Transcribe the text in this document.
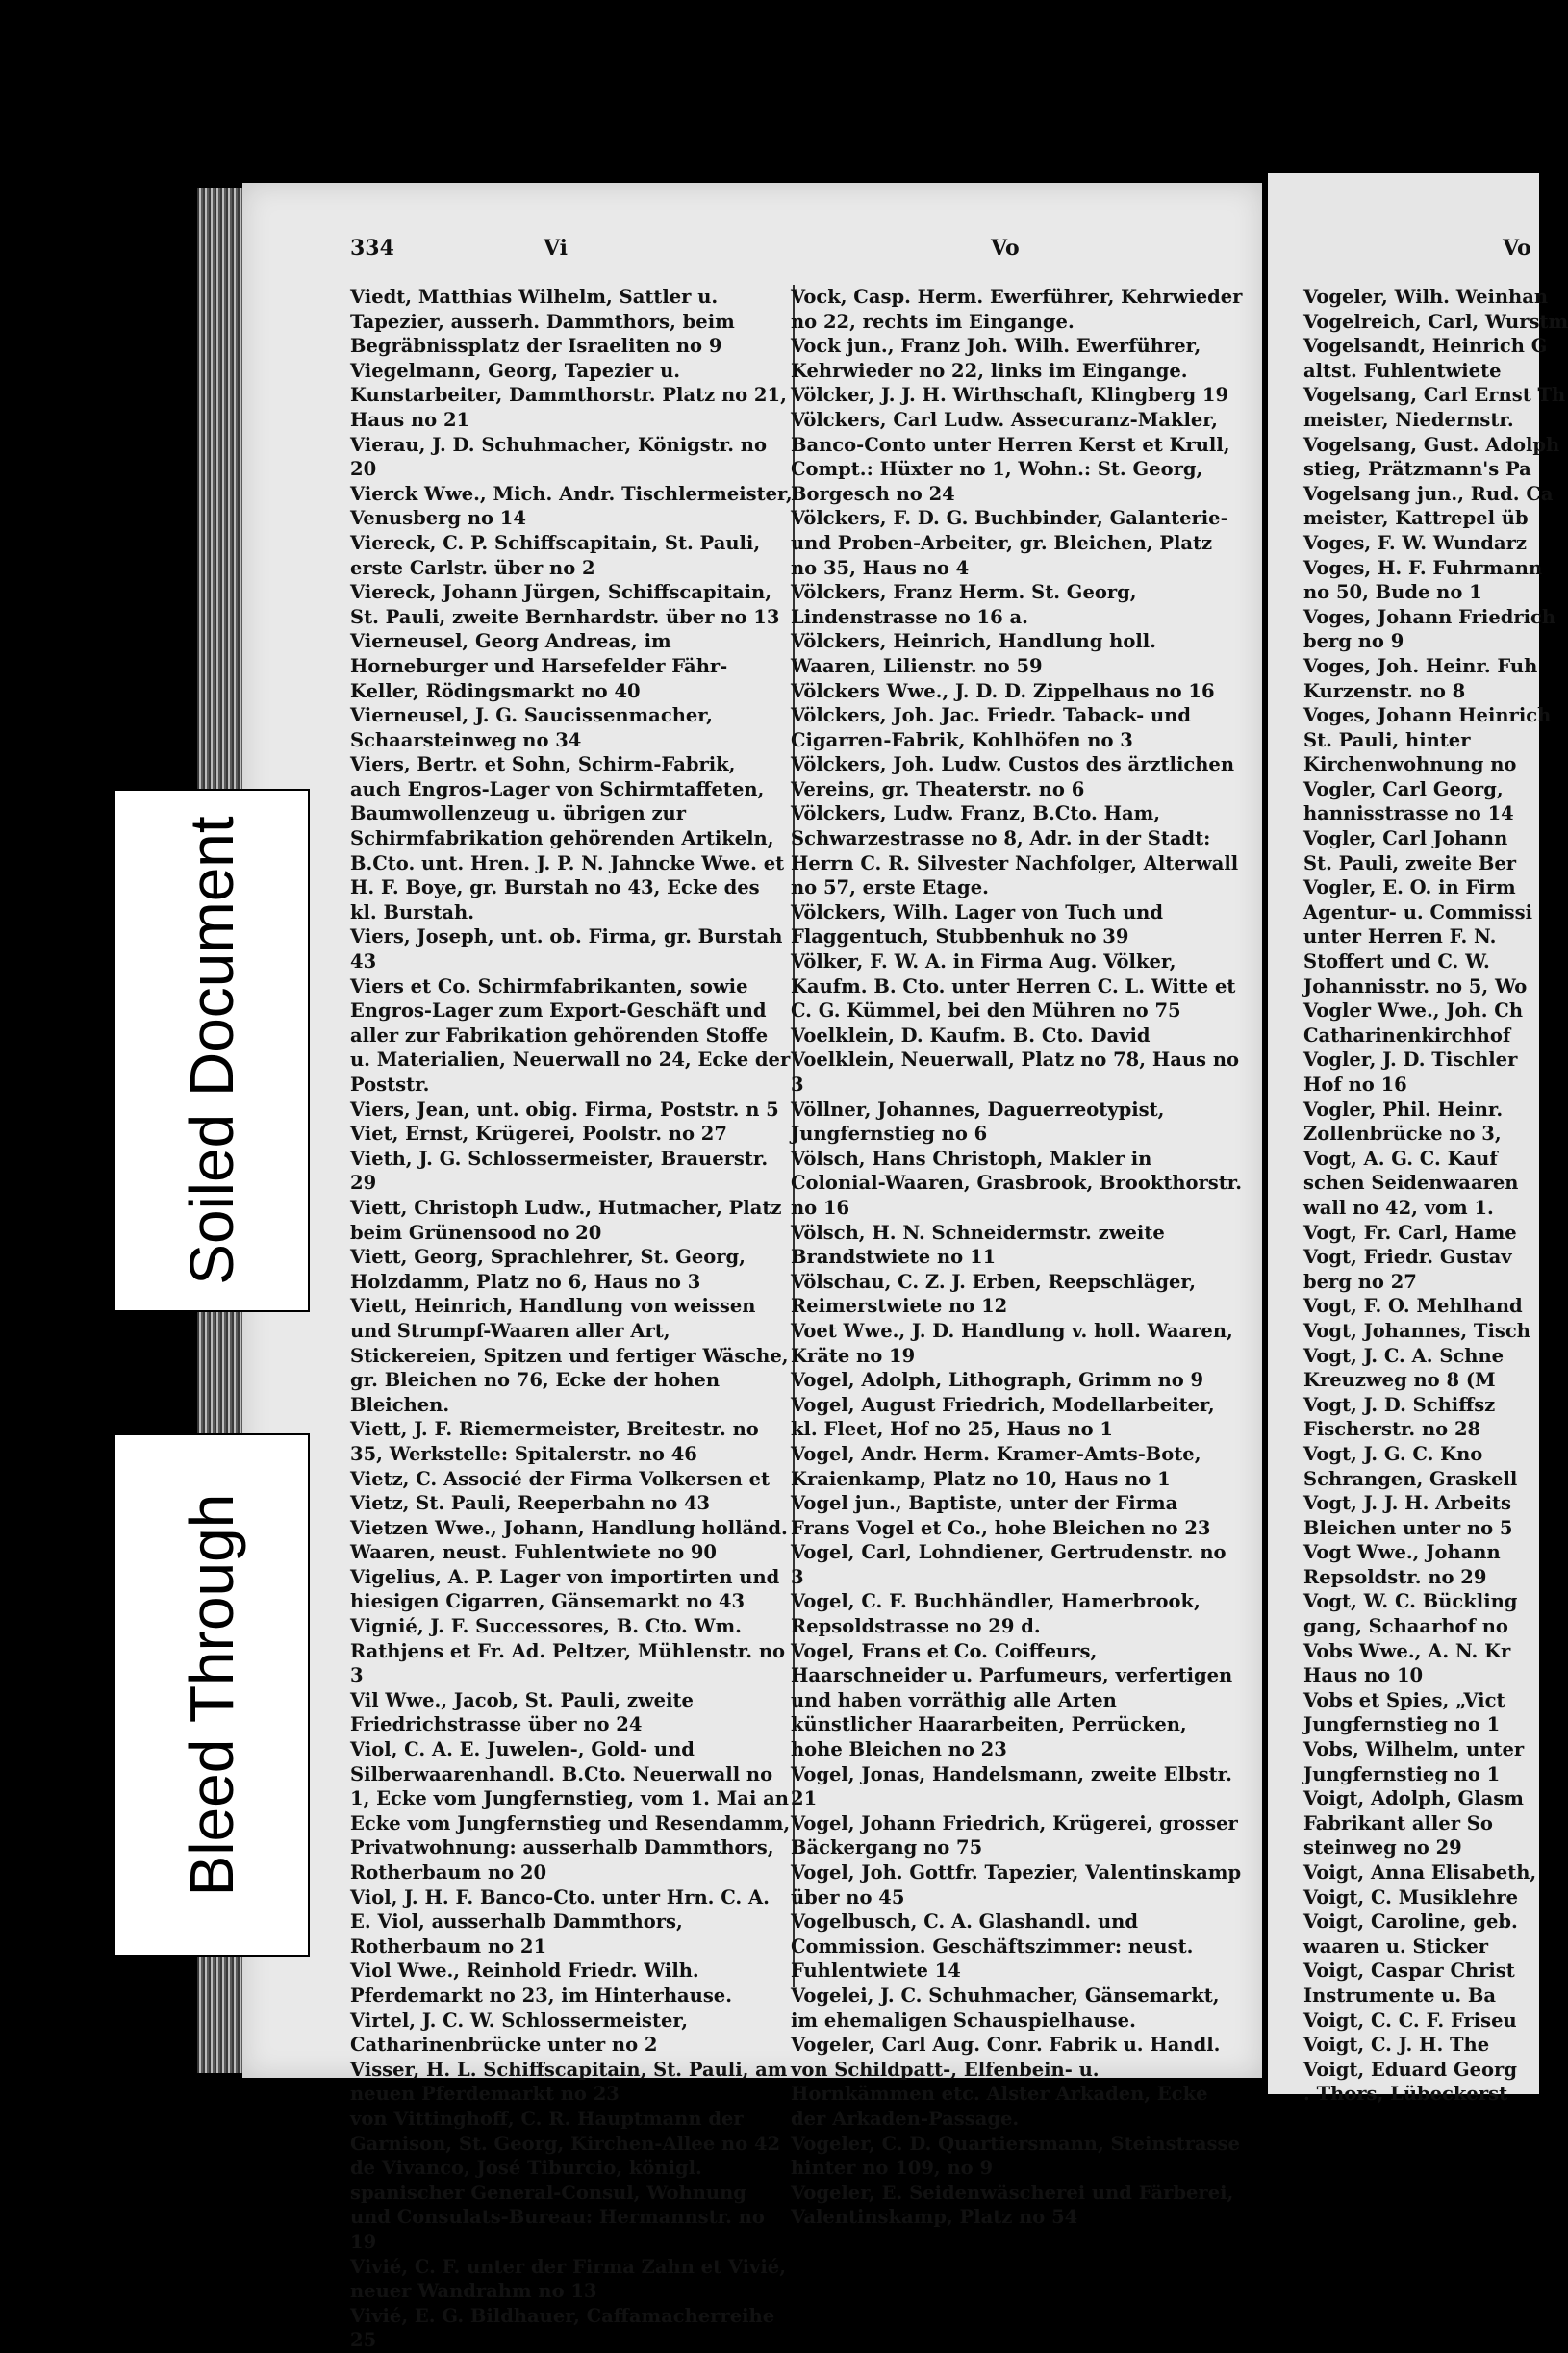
334	Vi	Vo	Vo

Viedt, Matthias Wilhelm, Sattler u. Tapezier, ausserh. Dammthors, beim Begräbnissplatz der Israeliten no 9

Viegelmann, Georg, Tapezier u. Kunstarbeiter, Dammthorstr. Platz no 21, Haus no 21

Vierau, J. D. Schuhmacher, Königstr. no 20

Vierck Wwe., Mich. Andr. Tischlermeister, Venusberg no 14

Viereck, C. P. Schiffscapitain, St. Pauli, erste Carlstr. über no 2

Viereck, Johann Jürgen, Schiffscapitain, St. Pauli, zweite Bernhardstr. über no 13

Vierneusel, Georg Andreas, im Horneburger und Harsefelder Fähr-Keller, Rödingsmarkt no 40

Vierneusel, J. G. Saucissenmacher, Schaarsteinweg no 34

Viers, Bertr. et Sohn, Schirm-Fabrik, auch Engros-Lager von Schirmtaffeten, Baumwollenzeug u. übrigen zur Schirmfabrikation gehörenden Artikeln, B.Cto. unt. Hren. J. P. N. Jahncke Wwe. et H. F. Boye, gr. Burstah no 43, Ecke des kl. Burstah.

Viers, Joseph, unt. ob. Firma, gr. Burstah 43

Viers et Co. Schirmfabrikanten, sowie Engros-Lager zum Export-Geschäft und aller zur Fabrikation gehörenden Stoffe u. Materialien, Neuerwall no 24, Ecke der Poststr.

Viers, Jean, unt. obig. Firma, Poststr. n 5

Viet, Ernst, Krügerei, Poolstr. no 27

Vieth, J. G. Schlossermeister, Brauerstr. 29

Viett, Christoph Ludw., Hutmacher, Platz beim Grünensood no 20

Viett, Georg, Sprachlehrer, St. Georg, Holzdamm, Platz no 6, Haus no 3

Viett, Heinrich, Handlung von weissen und Strumpf-Waaren aller Art, Stickereien, Spitzen und fertiger Wäsche, gr. Bleichen no 76, Ecke der hohen Bleichen.

Viett, J. F. Riemermeister, Breitestr. no 35, Werkstelle: Spitalerstr. no 46

Vietz, C. Associé der Firma Volkersen et Vietz, St. Pauli, Reeperbahn no 43

Vietzen Wwe., Johann, Handlung holländ. Waaren, neust. Fuhlentwiete no 90

Vigelius, A. P. Lager von importirten und hiesigen Cigarren, Gänsemarkt no 43

Vignié, J. F. Successores, B. Cto. Wm. Rathjens et Fr. Ad. Peltzer, Mühlenstr. no 3

Vil Wwe., Jacob, St. Pauli, zweite Friedrichstrasse über no 24

Viol, C. A. E. Juwelen-, Gold- und Silberwaarenhandl. B.Cto. Neuerwall no 1, Ecke vom Jungfernstieg, vom 1. Mai an Ecke vom Jungfernstieg und Resendamm, Privatwohnung: ausserhalb Dammthors, Rotherbaum no 20

Viol, J. H. F. Banco-Cto. unter Hrn. C. A. E. Viol, ausserhalb Dammthors, Rotherbaum no 21

Viol Wwe., Reinhold Friedr. Wilh. Pferdemarkt no 23, im Hinterhause.

Virtel, J. C. W. Schlossermeister, Catharinenbrücke unter no 2

Visser, H. L. Schiffscapitain, St. Pauli, am neuen Pferdemarkt no 23

von Vittinghoff, C. R. Hauptmann der Garnison, St. Georg, Kirchen-Allee no 42

de Vivanco, José Tiburcio, königl. spanischer General-Consul, Wohnung und Consulats-Bureau: Hermannstr. no 19

Vivié, C. F. unter der Firma Zahn et Vivié, neuer Wandrahm no 13

Vivié, E. G. Bildhauer, Caffamacherreihe 25

Vock, Casp. Herm. Ewerführer, Kehrwieder no 22, rechts im Eingange.

Vock jun., Franz Joh. Wilh. Ewerführer, Kehrwieder no 22, links im Eingange.

Völcker, J. J. H. Wirthschaft, Klingberg 19

Völckers, Carl Ludw. Assecuranz-Makler, Banco-Conto unter Herren Kerst et Krull, Compt.: Hüxter no 1, Wohn.: St. Georg, Borgesch no 24

Völckers, F. D. G. Buchbinder, Galanterie- und Proben-Arbeiter, gr. Bleichen, Platz no 35, Haus no 4

Völckers, Franz Herm. St. Georg, Lindenstrasse no 16 a.

Völckers, Heinrich, Handlung holl. Waaren, Lilienstr. no 59

Völckers Wwe., J. D. D. Zippelhaus no 16

Völckers, Joh. Jac. Friedr. Taback- und Cigarren-Fabrik, Kohlhöfen no 3

Völckers, Joh. Ludw. Custos des ärztlichen Vereins, gr. Theaterstr. no 6

Völckers, Ludw. Franz, B.Cto. Ham, Schwarzestrasse no 8, Adr. in der Stadt: Herrn C. R. Silvester Nachfolger, Alterwall no 57, erste Etage.

Völckers, Wilh. Lager von Tuch und Flaggentuch, Stubbenhuk no 39

Völker, F. W. A. in Firma Aug. Völker, Kaufm. B. Cto. unter Herren C. L. Witte et C. G. Kümmel, bei den Mühren no 75

Voelklein, D. Kaufm. B. Cto. David Voelklein, Neuerwall, Platz no 78, Haus no 3

Völlner, Johannes, Daguerreotypist, Jungfernstieg no 6

Völsch, Hans Christoph, Makler in Colonial-Waaren, Grasbrook, Brookthorstr. no 16

Völsch, H. N. Schneidermstr. zweite Brandstwiete no 11

Völschau, C. Z. J. Erben, Reepschläger, Reimerstwiete no 12

Voet Wwe., J. D. Handlung v. holl. Waaren, Kräte no 19

Vogel, Adolph, Lithograph, Grimm no 9

Vogel, August Friedrich, Modellarbeiter, kl. Fleet, Hof no 25, Haus no 1

Vogel, Andr. Herm. Kramer-Amts-Bote, Kraienkamp, Platz no 10, Haus no 1

Vogel jun., Baptiste, unter der Firma Frans Vogel et Co., hohe Bleichen no 23

Vogel, Carl, Lohndiener, Gertrudenstr. no 3

Vogel, C. F. Buchhändler, Hamerbrook, Repsoldstrasse no 29 d.

Vogel, Frans et Co. Coiffeurs, Haarschneider u. Parfumeurs, verfertigen und haben vorräthig alle Arten künstlicher Haararbeiten, Perrücken, hohe Bleichen no 23

Vogel, Jonas, Handelsmann, zweite Elbstr. 21

Vogel, Johann Friedrich, Krügerei, grosser Bäckergang no 75

Vogel, Joh. Gottfr. Tapezier, Valentinskamp über no 45

Vogelbusch, C. A. Glashandl. und Commission. Geschäftszimmer: neust. Fuhlentwiete 14

Vogelei, J. C. Schuhmacher, Gänsemarkt, im ehemaligen Schauspielhause.

Vogeler, Carl Aug. Conr. Fabrik u. Handl. von Schildpatt-, Elfenbein- u. Hornkämmen etc. Alster Arkaden, Ecke der Arkaden-Passage.

Vogeler, C. D. Quartiersmann, Steinstrasse hinter no 109, no 9

Vogeler, E. Seidenwäscherei und Färberei, Valentinskamp, Platz no 54

Vogeler, Wilh. Weinhan

Vogelreich, Carl, Wurstm

Vogelsandt, Heinrich G

altst. Fuhlentwiete

Vogelsang, Carl Ernst Th

meister, Niedernstr.

Vogelsang, Gust. Adolph

stieg, Prätzmann's Pa

Vogelsang jun., Rud. Ca

meister, Kattrepel üb

Voges, F. W. Wundarz

Voges, H. F. Fuhrmann

no 50, Bude no 1

Voges, Johann Friedrich

berg no 9

Voges, Joh. Heinr. Fuh

Kurzenstr. no 8

Voges, Johann Heinrich

St. Pauli, hinter

Kirchenwohnung no

Vogler, Carl Georg,

hannisstrasse no 14

Vogler, Carl Johann

St. Pauli, zweite Ber

Vogler, E. O. in Firm

Agentur- u. Commissi

unter Herren F. N.

Stoffert und C. W.

Johannisstr. no 5, Wo

Vogler Wwe., Joh. Ch

Catharinenkirchhof

Vogler, J. D. Tischler

Hof no 16

Vogler, Phil. Heinr.

Zollenbrücke no 3,

Vogt, A. G. C. Kauf

schen Seidenwaaren

wall no 42, vom 1.

Vogt, Fr. Carl, Hame

Vogt, Friedr. Gustav

berg no 27

Vogt, F. O. Mehlhand

Vogt, Johannes, Tisch

Vogt, J. C. A. Schne

Kreuzweg no 8 (M

Vogt, J. D. Schiffsz

Fischerstr. no 28

Vogt, J. G. C. Kno

Schrangen, Graskell

Vogt, J. J. H. Arbeits

Bleichen unter no 5

Vogt Wwe., Johann

Repsoldstr. no 29

Vogt, W. C. Bückling

gang, Schaarhof no

Vobs Wwe., A. N. Kr

Haus no 10

Vobs et Spies, „Vict

Jungfernstieg no 1

Vobs, Wilhelm, unter

Jungfernstieg no 1

Voigt, Adolph, Glasm

Fabrikant aller So

steinweg no 29

Voigt, Anna Elisabeth,

Voigt, C. Musiklehre

Voigt, Caroline, geb.

waaren u. Sticker

Voigt, Caspar Christ

Instrumente u. Ba

Voigt, C. C. F. Friseu

Voigt, C. J. H. The

Voigt, Eduard Georg

. Thors, Lübeckerst

Bleed Through
Soiled Document
